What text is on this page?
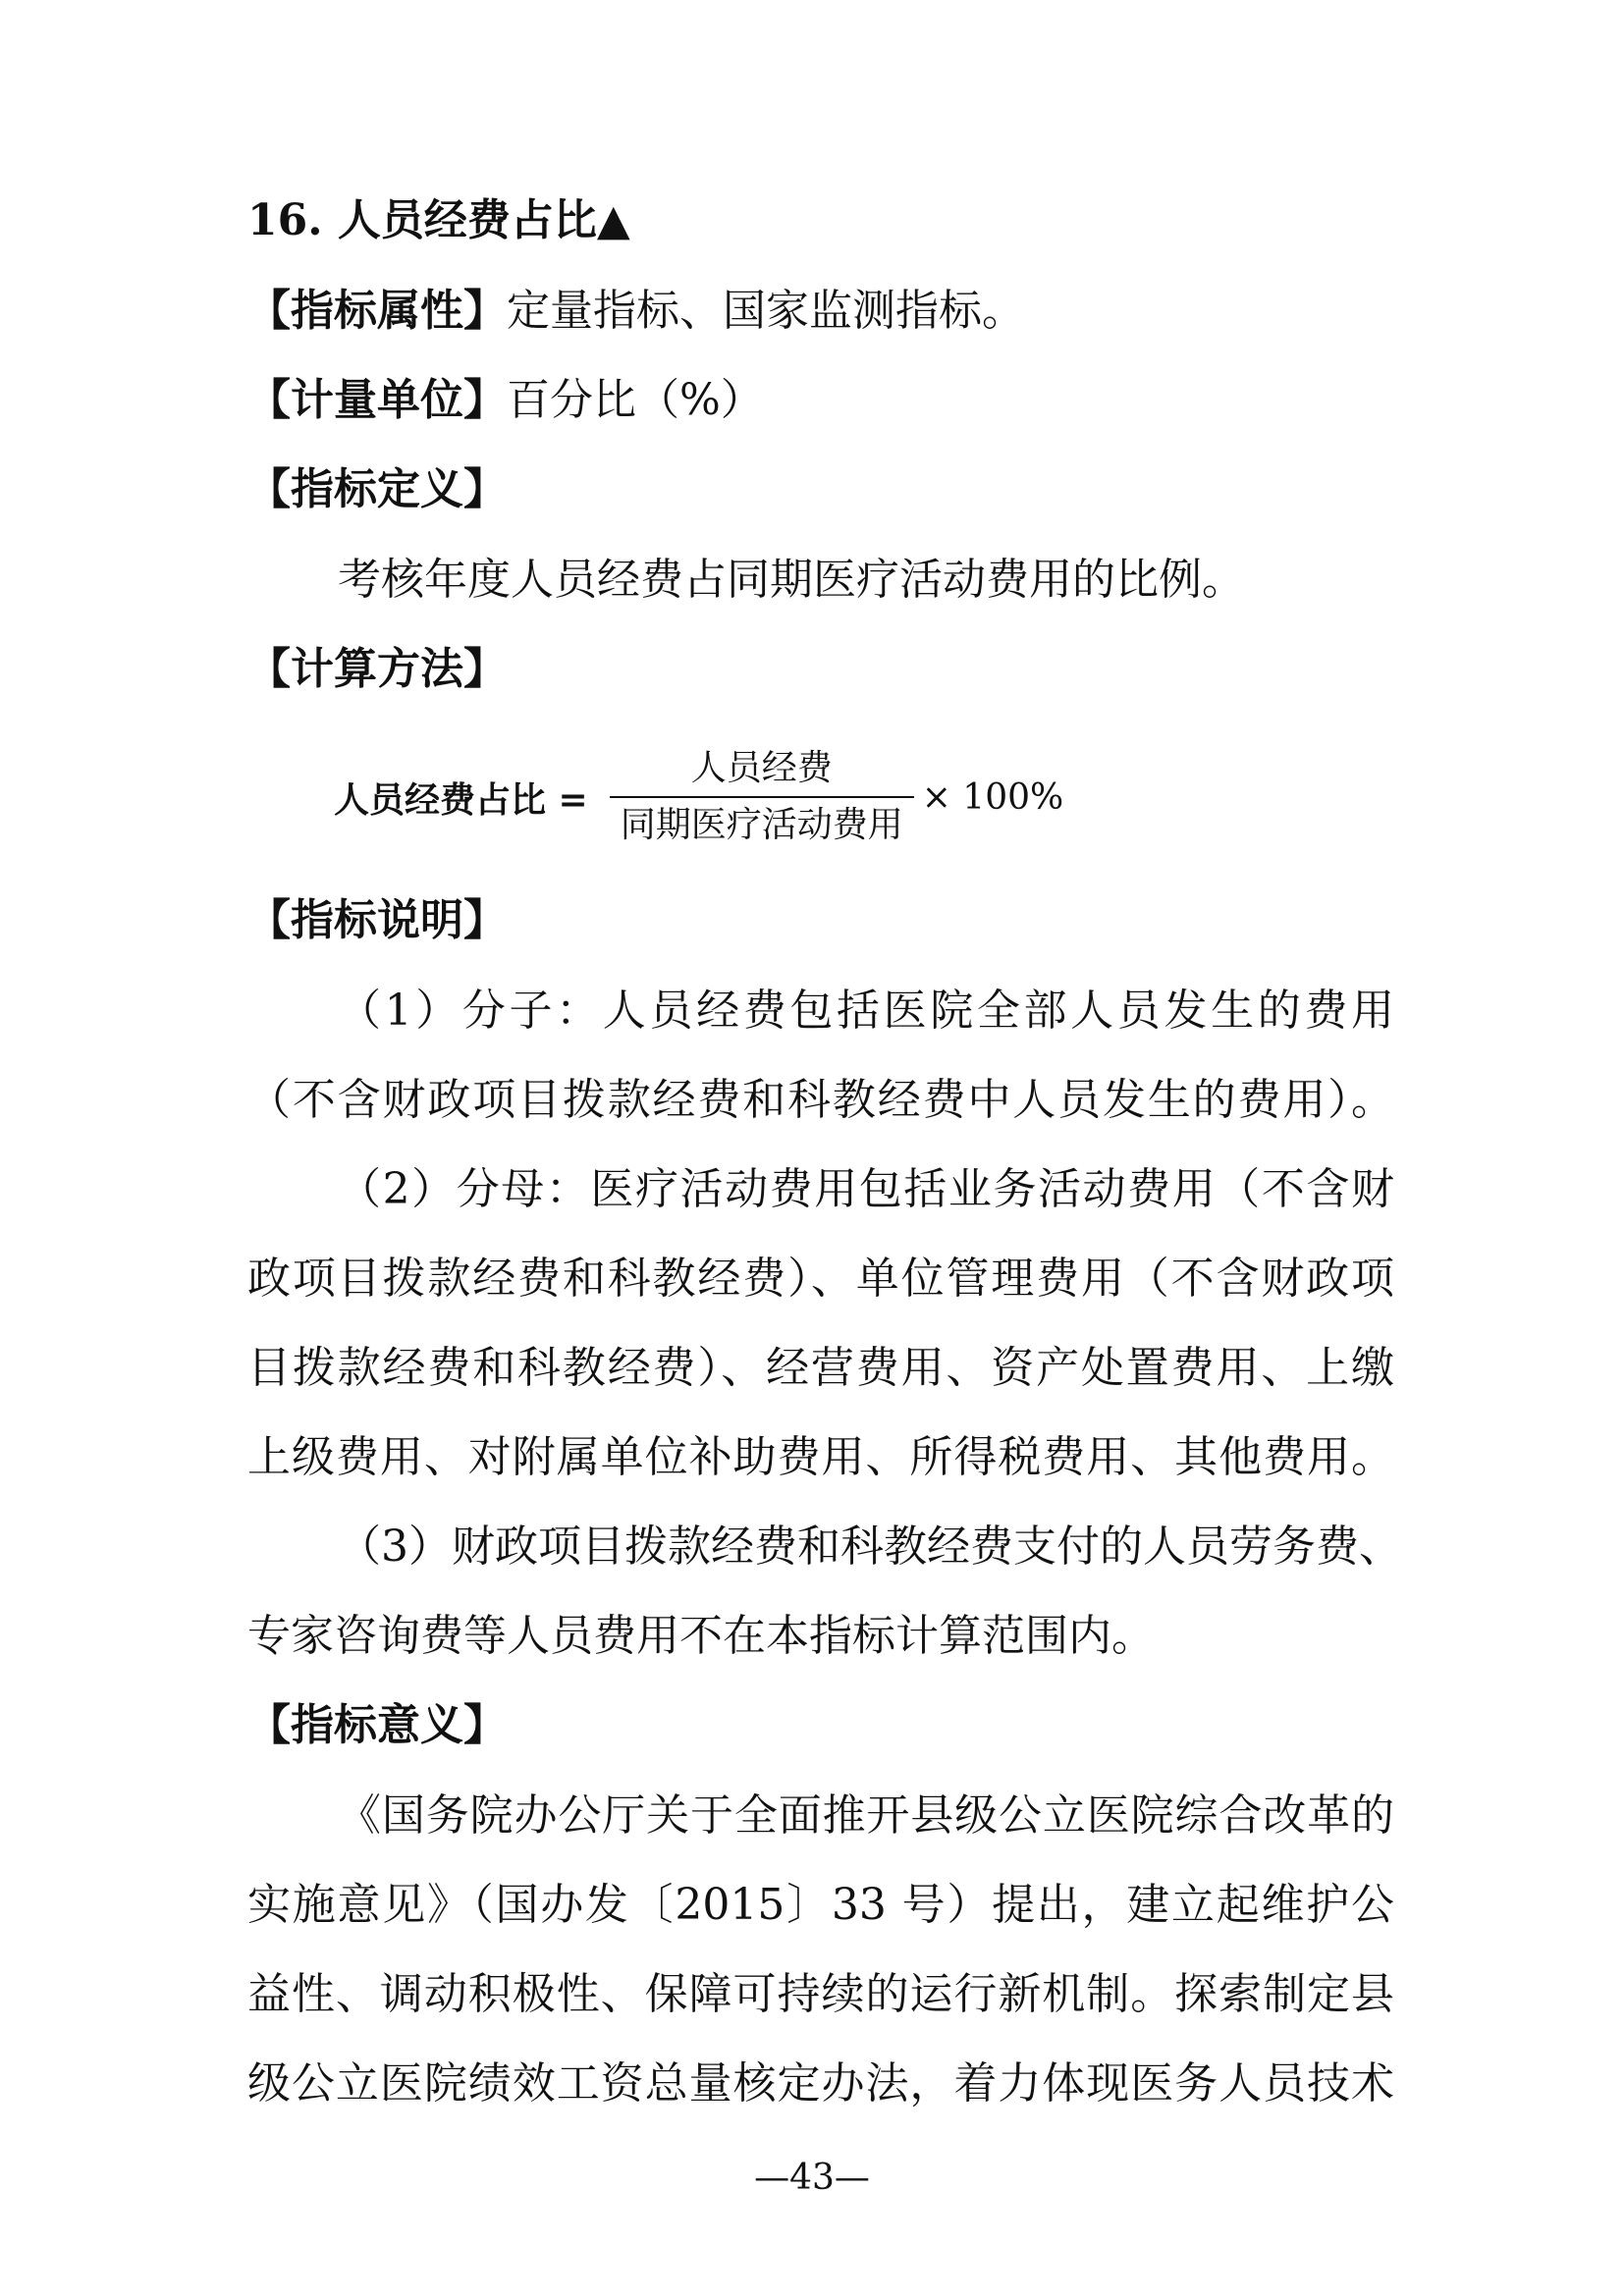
16. 人员经费占比▲
【指标属性】定量指标、国家监测指标。
【计量单位】百分比（%）
【指标定义】
考核年度人员经费占同期医疗活动费用的比例。
【计算方法】
人员经费占比 = $\frac{\text{人员经费}}{\text{同期医疗活动费用}} \times 100\%$
【指标说明】
（1）分子：人员经费包括医院全部人员发生的费用
（不含财政项目拨款经费和科教经费中人员发生的费用）。
（2）分母：医疗活动费用包括业务活动费用（不含财
政项目拨款经费和科教经费）、单位管理费用（不含财政项
目拨款经费和科教经费）、经营费用、资产处置费用、上缴
上级费用、对附属单位补助费用、所得税费用、其他费用。
（3）财政项目拨款经费和科教经费支付的人员劳务费、
专家咨询费等人员费用不在本指标计算范围内。
【指标意义】
《国务院办公厅关于全面推开县级公立医院综合改革的
实施意见》（国办发〔2015〕33 号）提出，建立起维护公
益性、调动积极性、保障可持续的运行新机制。探索制定县
级公立医院绩效工资总量核定办法，着力体现医务人员技术
—43—
